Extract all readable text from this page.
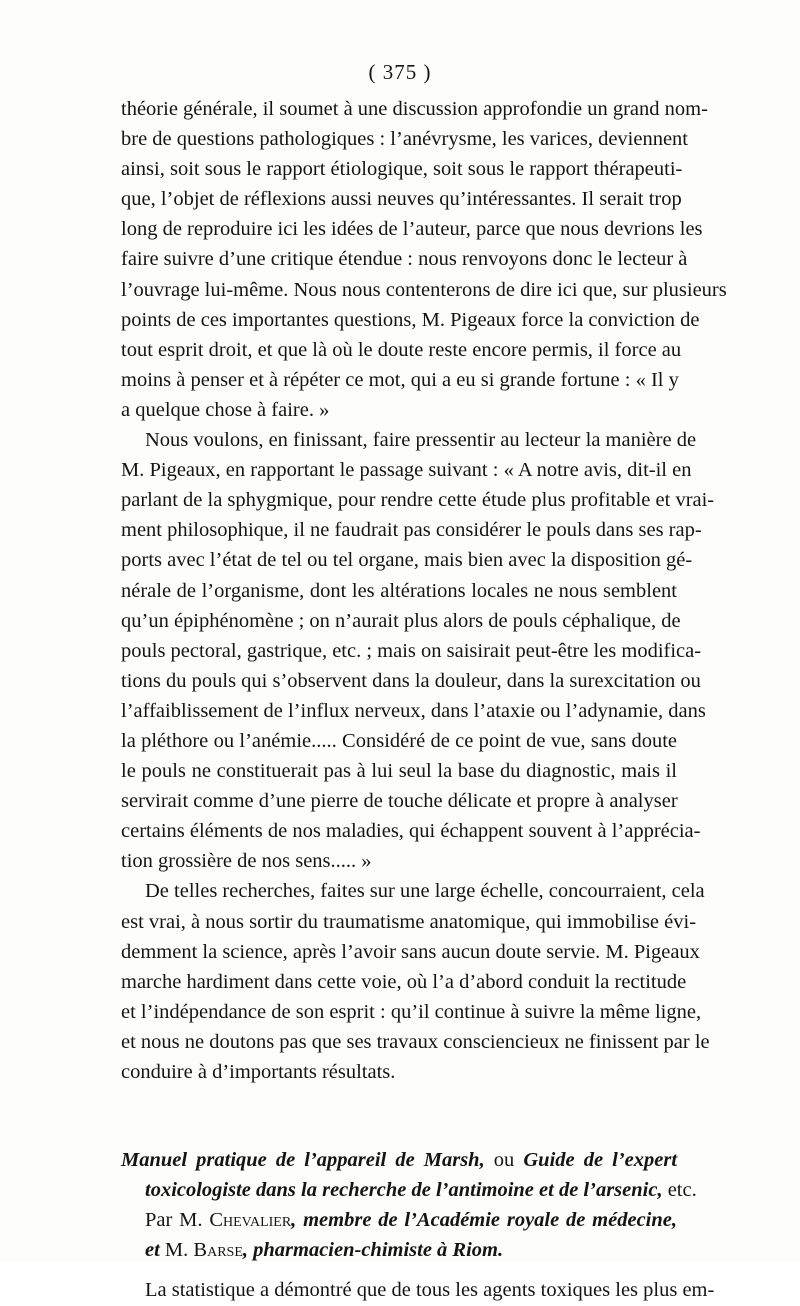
( 375 )
théorie générale, il soumet à une discussion approfondie un grand nom-
bre de questions pathologiques : l’anévrysme, les varices, deviennent
ainsi, soit sous le rapport étiologique, soit sous le rapport thérapeuti-
que, l’objet de réflexions aussi neuves qu’intéressantes. Il serait trop
long de reproduire ici les idées de l’auteur, parce que nous devrions les
faire suivre d’une critique étendue : nous renvoyons donc le lecteur à
l’ouvrage lui-même. Nous nous contenterons de dire ici que, sur plusieurs
points de ces importantes questions, M. Pigeaux force la conviction de
tout esprit droit, et que là où le doute reste encore permis, il force au
moins à penser et à répéter ce mot, qui a eu si grande fortune : « Il y
a quelque chose à faire. »
Nous voulons, en finissant, faire pressentir au lecteur la manière de
M. Pigeaux, en rapportant le passage suivant : « A notre avis, dit-il en
parlant de la sphygmique, pour rendre cette étude plus profitable et vrai-
ment philosophique, il ne faudrait pas considérer le pouls dans ses rap-
ports avec l’état de tel ou tel organe, mais bien avec la disposition gé-
nérale de l’organisme, dont les altérations locales ne nous semblent
qu’un épiphénomène ; on n’aurait plus alors de pouls céphalique, de
pouls pectoral, gastrique, etc. ; mais on saisirait peut-être les modifica-
tions du pouls qui s’observent dans la douleur, dans la surexcitation ou
l’affaiblissement de l’influx nerveux, dans l’ataxie ou l’adynamie, dans
la pléthore ou l’anémie..... Considéré de ce point de vue, sans doute
le pouls ne constituerait pas à lui seul la base du diagnostic, mais il
servirait comme d’une pierre de touche délicate et propre à analyser
certains éléments de nos maladies, qui échappent souvent à l’apprécia-
tion grossière de nos sens..... »
De telles recherches, faites sur une large échelle, concourraient, cela
est vrai, à nous sortir du traumatisme anatomique, qui immobilise évi-
demment la science, après l’avoir sans aucun doute servie. M. Pigeaux
marche hardiment dans cette voie, où l’a d’abord conduit la rectitude
et l’indépendance de son esprit : qu’il continue à suivre la même ligne,
et nous ne doutons pas que ses travaux consciencieux ne finissent par le
conduire à d’importants résultats.
Manuel pratique de l’appareil de Marsh, ou Guide de l’expert
toxicologiste dans la recherche de l’antimoine et de l’arsenic, etc.
Par M. Chevalier, membre de l’Académie royale de médecine,
et M. Barse, pharmacien-chimiste à Riom.
La statistique a démontré que de tous les agents toxiques les plus em-
